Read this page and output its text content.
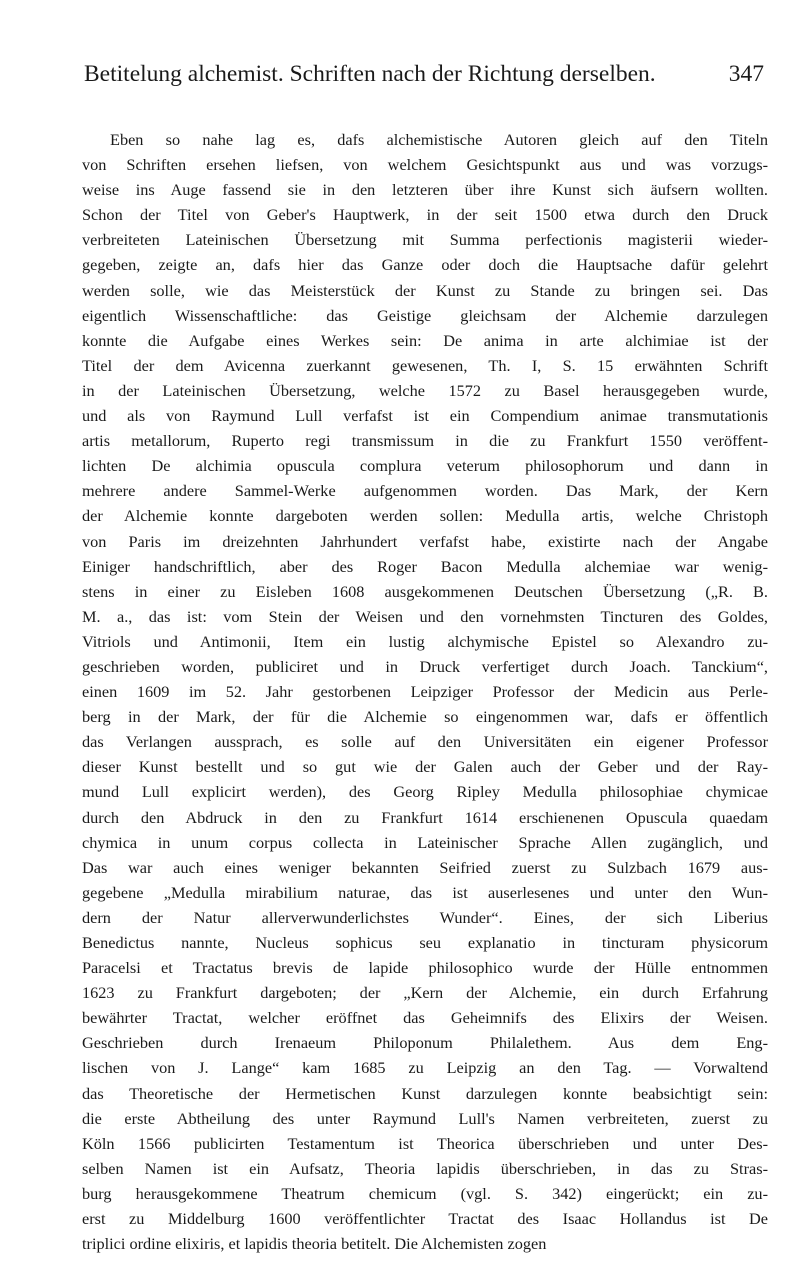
Betitelung alchemist. Schriften nach der Richtung derselben.	347
Eben so nahe lag es, dafs alchemistische Autoren gleich auf den Titeln
von Schriften ersehen liefsen, von welchem Gesichtspunkt aus und was vorzugs-
weise ins Auge fassend sie in den letzteren über ihre Kunst sich äufsern wollten.
Schon der Titel von Geber's Hauptwerk, in der seit 1500 etwa durch den Druck
verbreiteten Lateinischen Übersetzung mit Summa perfectionis magisterii wieder-
gegeben, zeigte an, dafs hier das Ganze oder doch die Hauptsache dafür gelehrt
werden solle, wie das Meisterstück der Kunst zu Stande zu bringen sei. Das
eigentlich Wissenschaftliche: das Geistige gleichsam der Alchemie darzulegen
konnte die Aufgabe eines Werkes sein: De anima in arte alchimiae ist der
Titel der dem Avicenna zuerkannt gewesenen, Th. I, S. 15 erwähnten Schrift
in der Lateinischen Übersetzung, welche 1572 zu Basel herausgegeben wurde,
und als von Raymund Lull verfafst ist ein Compendium animae transmutationis
artis metallorum, Ruperto regi transmissum in die zu Frankfurt 1550 veröffent-
lichten De alchimia opuscula complura veterum philosophorum und dann in
mehrere andere Sammel-Werke aufgenommen worden. Das Mark, der Kern
der Alchemie konnte dargeboten werden sollen: Medulla artis, welche Christoph
von Paris im dreizehnten Jahrhundert verfafst habe, existirte nach der Angabe
Einiger handschriftlich, aber des Roger Bacon Medulla alchemiae war wenig-
stens in einer zu Eisleben 1608 ausgekommenen Deutschen Übersetzung („R. B.
M. a., das ist: vom Stein der Weisen und den vornehmsten Tincturen des Goldes,
Vitriols und Antimonii, Item ein lustig alchymische Epistel so Alexandro zu-
geschrieben worden, publiciret und in Druck verfertiget durch Joach. Tanckium“,
einen 1609 im 52. Jahr gestorbenen Leipziger Professor der Medicin aus Perle-
berg in der Mark, der für die Alchemie so eingenommen war, dafs er öffentlich
das Verlangen aussprach, es solle auf den Universitäten ein eigener Professor
dieser Kunst bestellt und so gut wie der Galen auch der Geber und der Ray-
mund Lull explicirt werden), des Georg Ripley Medulla philosophiae chymicae
durch den Abdruck in den zu Frankfurt 1614 erschienenen Opuscula quaedam
chymica in unum corpus collecta in Lateinischer Sprache Allen zugänglich, und
Das war auch eines weniger bekannten Seifried zuerst zu Sulzbach 1679 aus-
gegebene „Medulla mirabilium naturae, das ist auserlesenes und unter den Wun-
dern der Natur allerverwunderlichstes Wunder“. Eines, der sich Liberius
Benedictus nannte, Nucleus sophicus seu explanatio in tincturam physicorum
Paracelsi et Tractatus brevis de lapide philosophico wurde der Hülle entnommen
1623 zu Frankfurt dargeboten; der „Kern der Alchemie, ein durch Erfahrung
bewährter Tractat, welcher eröffnet das Geheimnifs des Elixirs der Weisen.
Geschrieben durch Irenaeum Philoponum Philalethem. Aus dem Eng-
lischen von J. Lange“ kam 1685 zu Leipzig an den Tag. — Vorwaltend
das Theoretische der Hermetischen Kunst darzulegen konnte beabsichtigt sein:
die erste Abtheilung des unter Raymund Lull's Namen verbreiteten, zuerst zu
Köln 1566 publicirten Testamentum ist Theorica überschrieben und unter Des-
selben Namen ist ein Aufsatz, Theoria lapidis überschrieben, in das zu Stras-
burg herausgekommene Theatrum chemicum (vgl. S. 342) eingerückt; ein zu-
erst zu Middelburg 1600 veröffentlichter Tractat des Isaac Hollandus ist De
triplici ordine elixiris, et lapidis theoria betitelt. Die Alchemisten zogen
